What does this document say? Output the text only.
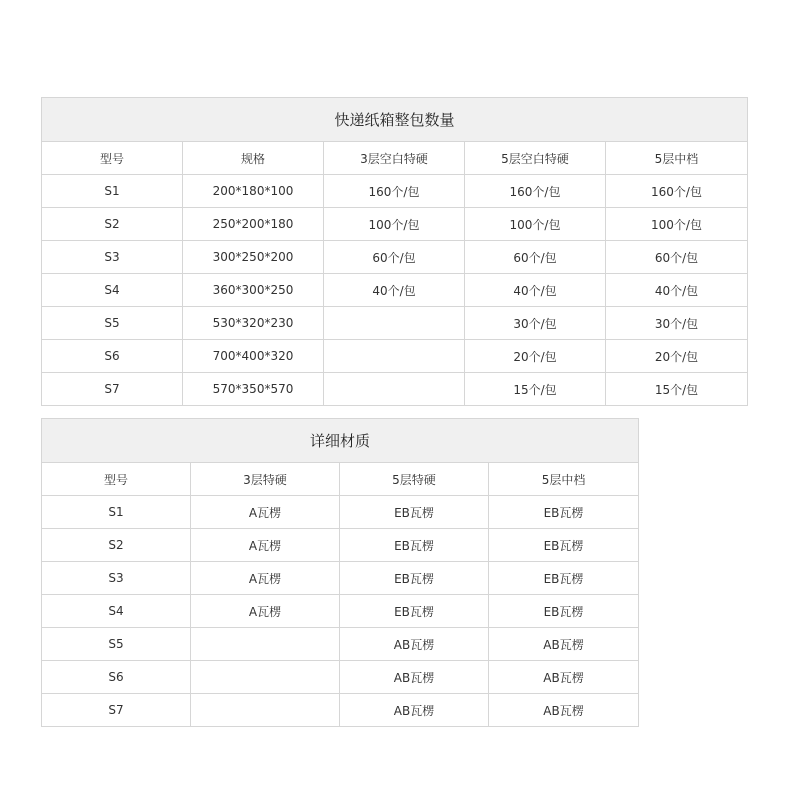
快递纸箱整包数量				
型号	规格	3层空白特硬	5层空白特硬	5层中档
S1	200*180*100	160个/包	160个/包	160个/包
S2	250*200*180	100个/包	100个/包	100个/包
S3	300*250*200	60个/包	60个/包	60个/包
S4	360*300*250	40个/包	40个/包	40个/包
S5	530*320*230		30个/包	30个/包
S6	700*400*320		20个/包	20个/包
S7	570*350*570		15个/包	15个/包
详细材质			
型号	3层特硬	5层特硬	5层中档
S1	A瓦楞	EB瓦楞	EB瓦楞
S2	A瓦楞	EB瓦楞	EB瓦楞
S3	A瓦楞	EB瓦楞	EB瓦楞
S4	A瓦楞	EB瓦楞	EB瓦楞
S5		AB瓦楞	AB瓦楞
S6		AB瓦楞	AB瓦楞
S7		AB瓦楞	AB瓦楞
